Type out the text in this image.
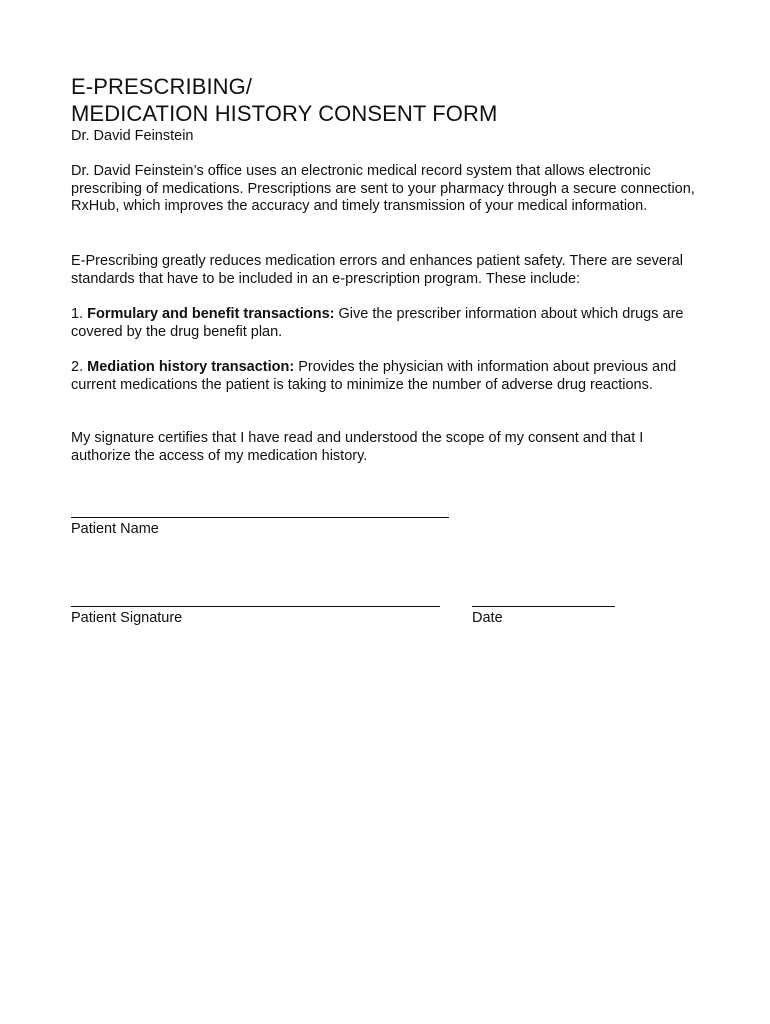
E-PRESCRIBING/
MEDICATION HISTORY CONSENT FORM

Dr. David Feinstein

Dr. David Feinstein’s office uses an electronic medical record system that allows electronic prescribing of medications. Prescriptions are sent to your pharmacy through a secure connection, RxHub, which improves the accuracy and timely transmission of your medical information.

E-Prescribing greatly reduces medication errors and enhances patient safety. There are several standards that have to be included in an e-prescription program. These include:

1. Formulary and benefit transactions: Give the prescriber information about which drugs are covered by the drug benefit plan.

2. Mediation history transaction: Provides the physician with information about previous and current medications the patient is taking to minimize the number of adverse drug reactions.

My signature certifies that I have read and understood the scope of my consent and that I authorize the access of my medication history.

Patient Name

Patient Signature	Date
